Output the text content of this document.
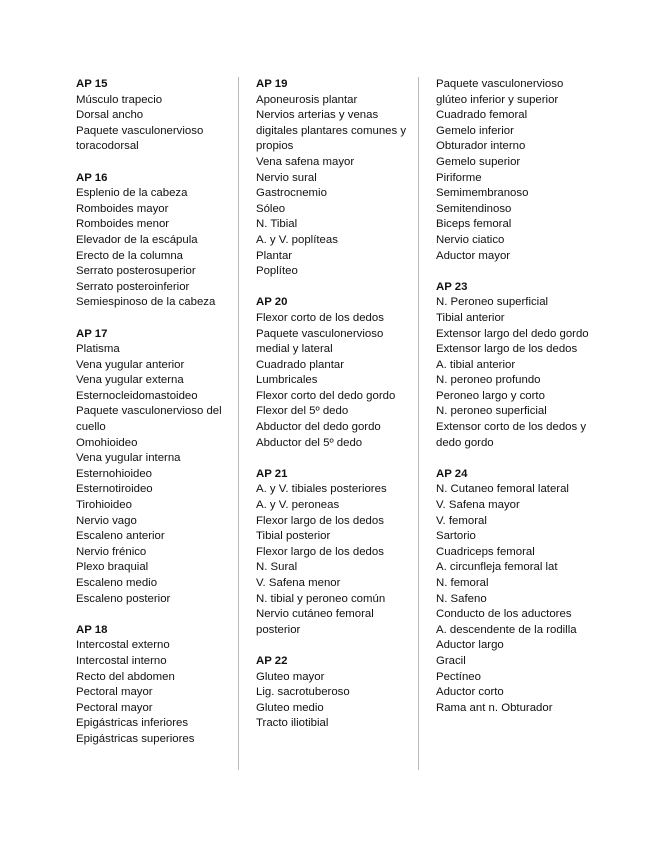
AP 15
Músculo trapecio
Dorsal ancho
Paquete vasculonervioso toracodorsal
AP 16
Esplenio de la cabeza
Romboides mayor
Romboides menor
Elevador de la escápula
Erecto de la columna
Serrato posterosuperior
Serrato posteroinferior
Semiespinoso de la cabeza
AP 17
Platisma
Vena yugular anterior
Vena yugular externa
Esternocleidomastoideo
Paquete vasculonervioso del cuello
Omohioideo
Vena yugular interna
Esternohioideo
Esternotiroideo
Tirohioideo
Nervio vago
Escaleno anterior
Nervio frénico
Plexo braquial
Escaleno medio
Escaleno posterior
AP 18
Intercostal externo
Intercostal interno
Recto del abdomen
Pectoral mayor
Pectoral mayor
Epigástricas inferiores
Epigástricas superiores
AP 19
Aponeurosis plantar
Nervios arterias y venas digitales plantares comunes y propios
Vena safena mayor
Nervio sural
Gastrocnemio
Sóleo
N. Tibial
A. y V. poplíteas
Plantar
Poplíteo
AP 20
Flexor corto de los dedos
Paquete vasculonervioso medial y lateral
Cuadrado plantar
Lumbricales
Flexor corto del dedo gordo
Flexor del 5º dedo
Abductor del dedo gordo
Abductor del 5º dedo
AP 21
A. y V. tibiales posteriores
A. y V. peroneas
Flexor largo de los dedos
Tibial posterior
Flexor largo de los dedos
N. Sural
V. Safena menor
N. tibial y peroneo común
Nervio cutáneo femoral posterior
AP 22
Gluteo mayor
Lig. sacrotuberoso
Gluteo medio
Tracto iliotibial
Paquete vasculonervioso glúteo inferior y superior
Cuadrado femoral
Gemelo inferior
Obturador interno
Gemelo superior
Piriforme
Semimembranoso
Semitendinoso
Biceps femoral
Nervio ciatico
Aductor mayor
AP 23
N. Peroneo superficial
Tibial anterior
Extensor largo del dedo gordo
Extensor largo de los dedos
A. tibial anterior
N. peroneo profundo
Peroneo largo y corto
N. peroneo superficial
Extensor corto de los dedos y dedo gordo
AP 24
N. Cutaneo femoral lateral
V. Safena mayor
V. femoral
Sartorio
Cuadriceps femoral
A. circunfleja femoral lat
N. femoral
N. Safeno
Conducto de los aductores
A. descendente de la rodilla
Aductor largo
Gracil
Pectíneo
Aductor corto
Rama ant n. Obturador
